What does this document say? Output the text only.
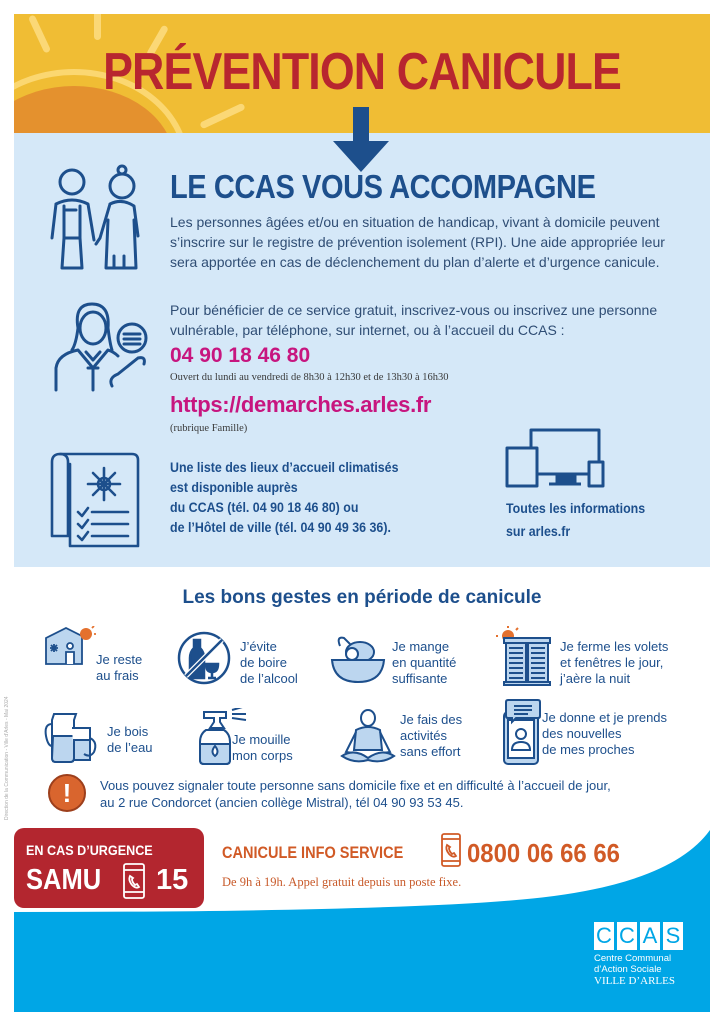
PRÉVENTION CANICULE
LE CCAS VOUS ACCOMPAGNE

Les personnes âgées et/ou en situation de handicap, vivant à domicile peuvent s’inscrire sur le registre de prévention isolement (RPI). Une aide appropriée leur sera apportée en cas de déclenchement du plan d’alerte et d’urgence canicule.

Pour bénéficier de ce service gratuit, inscrivez-vous ou inscrivez une personne vulnérable, par téléphone, sur internet, ou à l’accueil du CCAS :

04 90 18 46 80
Ouvert du lundi au vendredi de 8h30 à 12h30 et de 13h30 à 16h30
https://demarches.arles.fr
(rubrique Famille)
Une liste des lieux d’accueil climatisés
est disponible auprès
du CCAS (tél. 04 90 18 46 80) ou
de l’Hôtel de ville (tél. 04 90 49 36 36).
Toutes les informations
sur arles.fr
Les bons gestes en période de canicule
Je reste
au frais
J’évite
de boire
de l’alcool
Je mange
en quantité
suffisante
Je ferme les volets
et fenêtres le jour,
j’aère la nuit
Je bois
de l’eau
Je mouille
mon corps
Je fais des
activités
sans effort
Je donne et je prends
des nouvelles
de mes proches
!	Vous pouvez signaler toute personne sans domicile fixe et en difficulté à l’accueil de jour,
au 2 rue Condorcet (ancien collège Mistral), tél 04 90 93 53 45.
Direction de la Communication - Ville d’Arles - Mai 2024
EN CAS D’URGENCE
SAMU 15
CANICULE INFO SERVICE 0800 06 66 66
De 9h à 19h. Appel gratuit depuis un poste fixe.
C C A S
Centre Communal
d’Action Sociale
VILLE D’ARLES
